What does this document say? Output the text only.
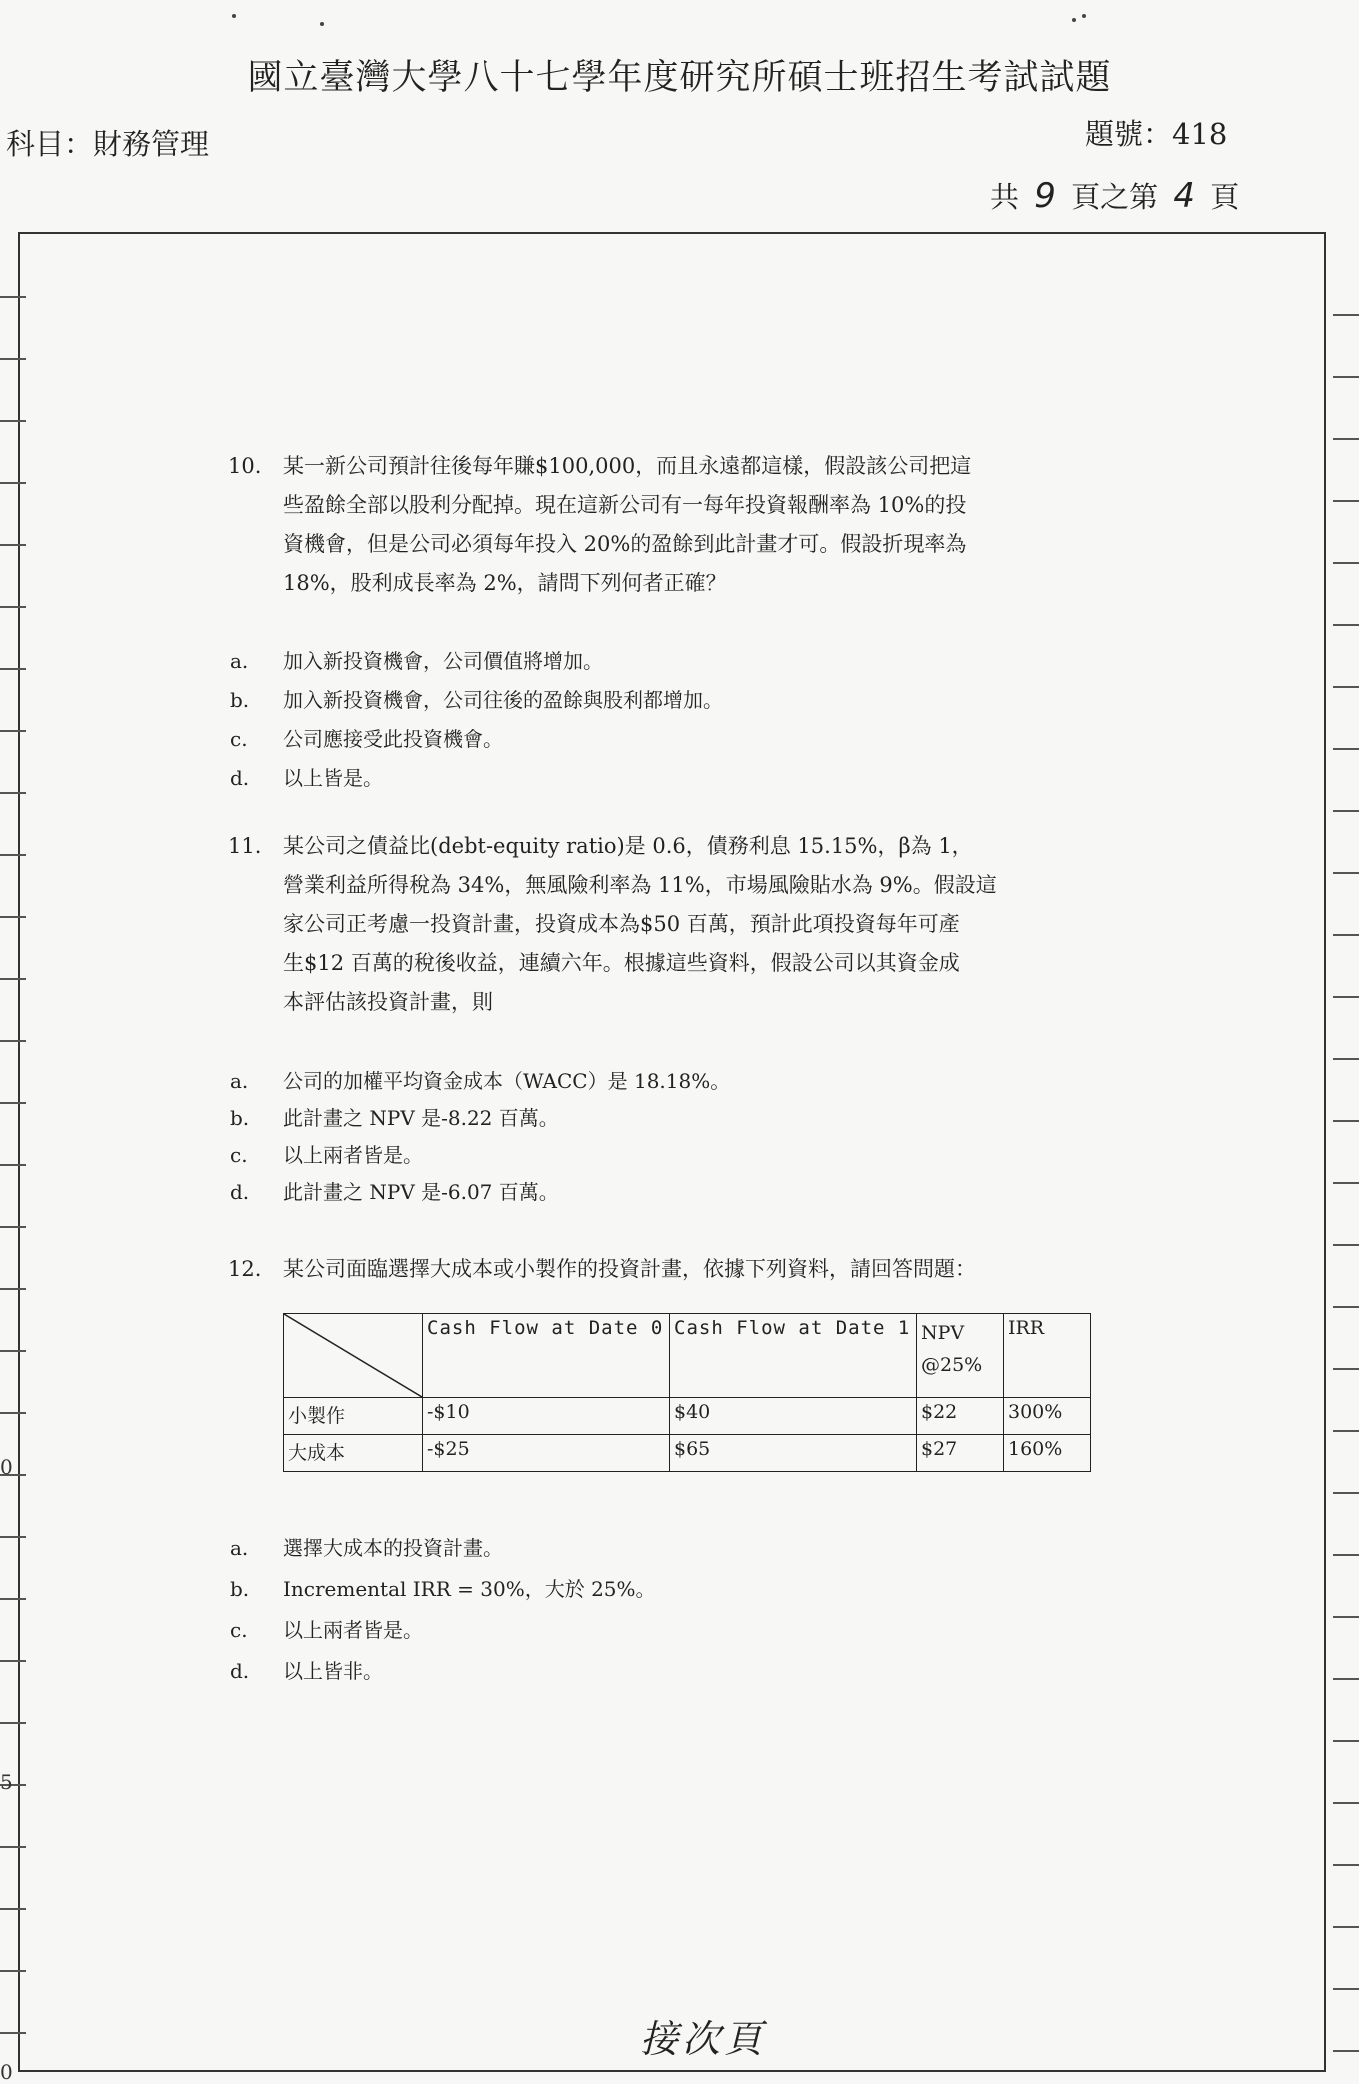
國立臺灣大學八十七學年度研究所碩士班招生考試試題
科目：財務管理	題號：418
共 9 頁之第 4 頁
0
5
0
10. 某一新公司預計往後每年賺$100,000，而且永遠都這樣，假設該公司把這
些盈餘全部以股利分配掉。現在這新公司有一每年投資報酬率為 10%的投
資機會，但是公司必須每年投入 20%的盈餘到此計畫才可。假設折現率為
18%，股利成長率為 2%，請問下列何者正確？
a. 加入新投資機會，公司價值將增加。
b. 加入新投資機會，公司往後的盈餘與股利都增加。
c. 公司應接受此投資機會。
d. 以上皆是。
11. 某公司之債益比(debt-equity ratio)是 0.6，債務利息 15.15%，β為 1，
營業利益所得稅為 34%，無風險利率為 11%，市場風險貼水為 9%。假設這
家公司正考慮一投資計畫，投資成本為$50 百萬，預計此項投資每年可產
生$12 百萬的稅後收益，連續六年。根據這些資料，假設公司以其資金成
本評估該投資計畫，則
a. 公司的加權平均資金成本（WACC）是 18.18%。
b. 此計畫之 NPV 是-8.22 百萬。
c. 以上兩者皆是。
d. 此計畫之 NPV 是-6.07 百萬。
12. 某公司面臨選擇大成本或小製作的投資計畫，依據下列資料，請回答問題：
	Cash Flow at Date 0	Cash Flow at Date 1	NPV
@25%	IRR
小製作	-$10	$40	$22	300%
大成本	-$25	$65	$27	160%
a. 選擇大成本的投資計畫。
b. Incremental IRR = 30%，大於 25%。
c. 以上兩者皆是。
d. 以上皆非。
接次頁
